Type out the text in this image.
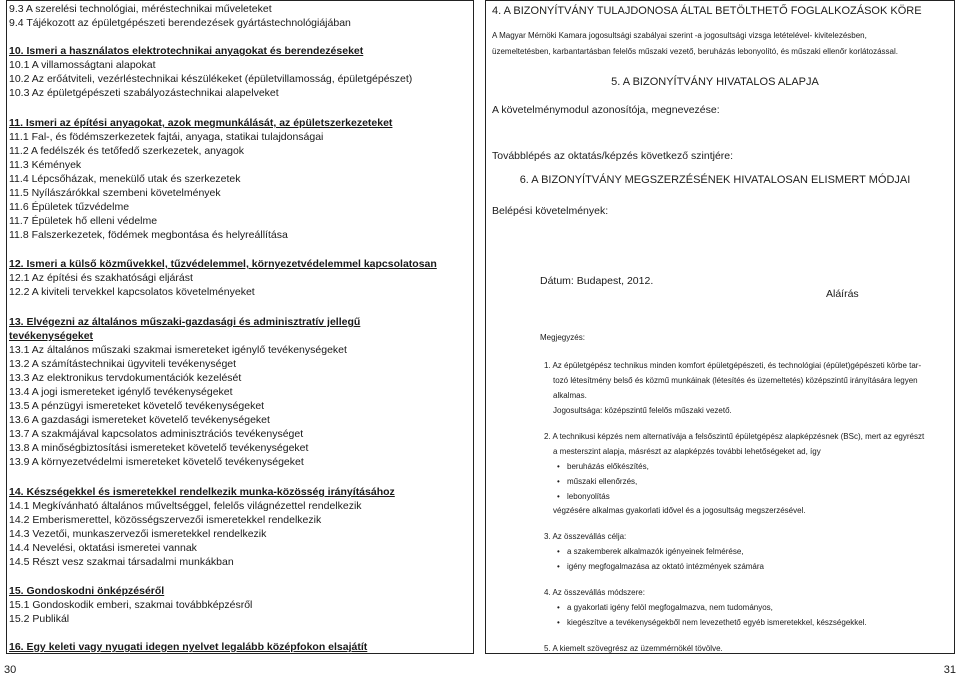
9.3 A szerelési technológiai, méréstechnikai műveleteket
9.4 Tájékozott az épületgépészeti berendezések gyártástechnológiájában
10. Ismeri a használatos elektrotechnikai anyagokat és berendezéseket
10.1 A villamosságtani alapokat
10.2 Az erőátviteli, vezérléstechnikai készülékeket (épületvillamosság, épületgépészet)
10.3 Az épületgépészeti szabályozástechnikai alapelveket
11. Ismeri az építési anyagokat, azok megmunkálását, az épületszerkezeteket
11.1 Fal-, és födémszerkezetek fajtái, anyaga, statikai tulajdonságai
11.2 A fedélszék és tetőfedő szerkezetek, anyagok
11.3 Kémények
11.4 Lépcsőházak, menekülő utak és szerkezetek
11.5 Nyílászárókkal szembeni követelmények
11.6 Épületek tűzvédelme
11.7 Épületek hő elleni védelme
11.8 Falszerkezetek, födémek megbontása és helyreállítása
12. Ismeri a külső közművekkel, tűzvédelemmel, környezetvédelemmel kapcsolatosan
12.1 Az építési és szakhatósági eljárást
12.2 A kiviteli tervekkel kapcsolatos követelményeket
13. Elvégezni az általános műszaki-gazdasági és adminisztratív jellegű
tevékenységeket
13.1 Az általános műszaki szakmai ismereteket igénylő tevékenységeket
13.2 A számítástechnikai ügyviteli tevékenységet
13.3 Az elektronikus tervdokumentációk kezelését
13.4 A jogi ismereteket igénylő tevékenységeket
13.5 A pénzügyi ismereteket követelő tevékenységeket
13.6 A gazdasági ismereteket követelő tevékenységeket
13.7 A szakmájával kapcsolatos adminisztrációs tevékenységet
13.8 A minőségbiztosítási ismereteket követelő tevékenységeket
13.9 A környezetvédelmi ismereteket követelő tevékenységeket
14. Készségekkel és ismeretekkel rendelkezik munka-közösség irányításához
14.1 Megkívánható általános műveltséggel, felelős világnézettel rendelkezik
14.2 Emberismerettel, közösségszervezői ismeretekkel rendelkezik
14.3 Vezetői, munkaszervezői ismeretekkel rendelkezik
14.4 Nevelési, oktatási ismeretei vannak
14.5 Részt vesz szakmai társadalmi munkákban
15. Gondoskodni önképzéséről
15.1 Gondoskodik emberi, szakmai továbbképzésről
15.2 Publikál
16. Egy keleti vagy nyugati idegen nyelvet legalább középfokon elsajátít
30
4. A BIZONYÍTVÁNY TULAJDONOSA ÁLTAL BETÖLTHETŐ FOGLALKOZÁSOK KÖRE
A Magyar Mérnöki Kamara jogosultsági szabályai szerint -a jogosultsági vizsga letételével- kivitelezésben,
üzemeltetésben, karbantartásban felelős műszaki vezető, beruházás lebonyolító, és műszaki ellenőr korlátozással.
5. A BIZONYÍTVÁNY HIVATALOS ALAPJA
A követelménymodul azonosítója, megnevezése:
Továbblépés az oktatás/képzés következő szintjére:
6. A BIZONYÍTVÁNY MEGSZERZÉSÉNEK HIVATALOSAN ELISMERT MÓDJAI
Belépési követelmények:
Dátum: Budapest, 2012.
Aláírás
Megjegyzés:
1. Az épületgépész technikus minden komfort épületgépészeti, és technológiai (épület)gépészeti körbe tar-
tozó létesítmény belső és közmű munkáinak (létesítés és üzemeltetés) középszintű irányítására legyen
alkalmas.
Jogosultsága: középszintű felelős műszaki vezető.
2. A technikusi képzés nem alternatívája a felsőszintű épületgépész alapképzésnek (BSc), mert az egyrészt
a mesterszint alapja, másrészt az alapképzés további lehetőségeket ad, így
• beruházás előkészítés,
• műszaki ellenőrzés,
• lebonyolítás
végzésére alkalmas gyakorlati idővel és a jogosultság megszerzésével.
3. Az összevállás célja:
• a szakemberek alkalmazók igényeinek felmérése,
• igény megfogalmazása az oktató intézmények számára
4. Az összevállás módszere:
• a gyakorlati igény felöl megfogalmazva, nem tudományos,
• kiegészítve a tevékenységekből nem levezethető egyéb ismeretekkel, készségekkel.
5. A kiemelt szövegrész az üzemmérnökél tövölve.
31
